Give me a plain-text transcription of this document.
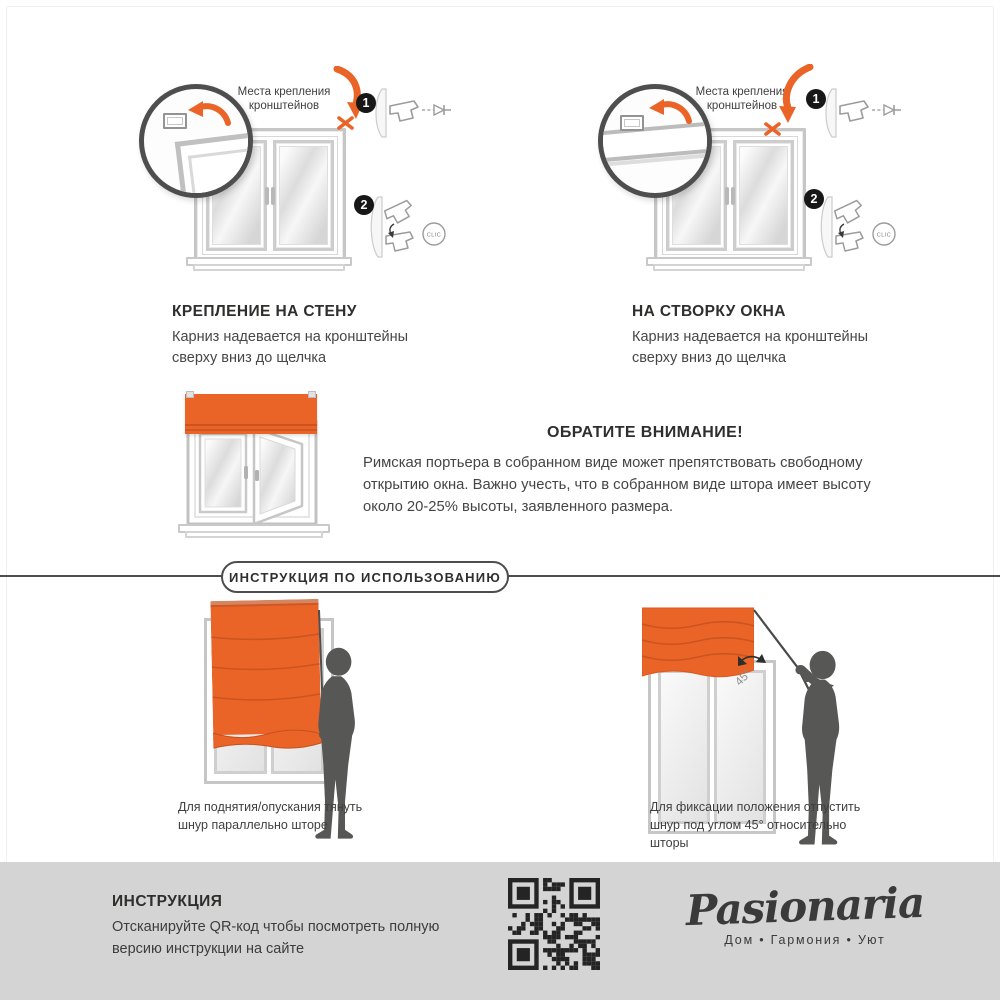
Места крепления кронштейнов	1
2
CLIC
КРЕПЛЕНИЕ НА СТЕНУ
Карниз надевается на кронштейны сверху вниз до щелчка
Места крепления кронштейнов
1
2
CLIC
НА СТВОРКУ ОКНА
Карниз надевается на кронштейны сверху вниз до щелчка
ОБРАТИТЕ ВНИМАНИЕ!
Римская портьера в собранном виде может препятствовать свободному открытию окна. Важно учесть, что в собранном виде штора имеет высоту около 20-25% высоты, заявленного размера.
ИНСТРУКЦИЯ ПО ИСПОЛЬЗОВАНИЮ
Для поднятия/опускания тянуть шнур параллельно шторе
45°
Для фиксации положения отпустить шнур под углом 45° относительно шторы
ИНСТРУКЦИЯ
Отсканируйте QR-код чтобы посмотреть полную версию инструкции на сайте
Pasionaria
Дом • Гармония • Уют
